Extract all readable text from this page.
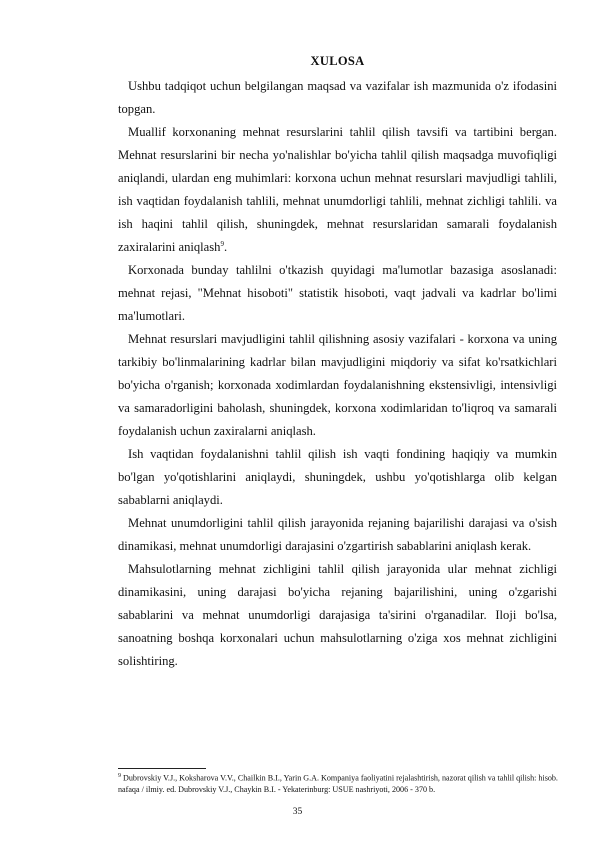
XULOSA

Ushbu tadqiqot uchun belgilangan maqsad va vazifalar ish mazmunida o'z ifodasini topgan.

Muallif korxonaning mehnat resurslarini tahlil qilish tavsifi va tartibini bergan. Mehnat resurslarini bir necha yo'nalishlar bo'yicha tahlil qilish maqsadga muvofiqligi aniqlandi, ulardan eng muhimlari: korxona uchun mehnat resurslari mavjudligi tahlili, ish vaqtidan foydalanish tahlili, mehnat unumdorligi tahlili, mehnat zichligi tahlili. va ish haqini tahlil qilish, shuningdek, mehnat resurslaridan samarali foydalanish zaxiralarini aniqlash$^9$.

Korxonada bunday tahlilni o'tkazish quyidagi ma'lumotlar bazasiga asoslanadi: mehnat rejasi, "Mehnat hisoboti" statistik hisoboti, vaqt jadvali va kadrlar bo'limi ma'lumotlari.

Mehnat resurslari mavjudligini tahlil qilishning asosiy vazifalari - korxona va uning tarkibiy bo'linmalarining kadrlar bilan mavjudligini miqdoriy va sifat ko'rsatkichlari bo'yicha o'rganish; korxonada xodimlardan foydalanishning ekstensivligi, intensivligi va samaradorligini baholash, shuningdek, korxona xodimlaridan to'liqroq va samarali foydalanish uchun zaxiralarni aniqlash.

Ish vaqtidan foydalanishni tahlil qilish ish vaqti fondining haqiqiy va mumkin bo'lgan yo'qotishlarini aniqlaydi, shuningdek, ushbu yo'qotishlarga olib kelgan sabablarni aniqlaydi.

Mehnat unumdorligini tahlil qilish jarayonida rejaning bajarilishi darajasi va o'sish dinamikasi, mehnat unumdorligi darajasini o'zgartirish sabablarini aniqlash kerak.

Mahsulotlarning mehnat zichligini tahlil qilish jarayonida ular mehnat zichligi dinamikasini, uning darajasi bo'yicha rejaning bajarilishini, uning o'zgarishi sabablarini va mehnat unumdorligi darajasiga ta'sirini o'rganadilar. Iloji bo'lsa, sanoatning boshqa korxonalari uchun mahsulotlarning o'ziga xos mehnat zichligini solishtiring.

$^9$ Dubrovskiy V.J., Koksharova V.V., Chailkin B.I., Yarin G.A. Kompaniya faoliyatini rejalashtirish, nazorat qilish va tahlil qilish: hisob. nafaqa / ilmiy. ed. Dubrovskiy V.J., Chaykin B.I. - Yekaterinburg: USUE nashriyoti, 2006 - 370 b.
35
